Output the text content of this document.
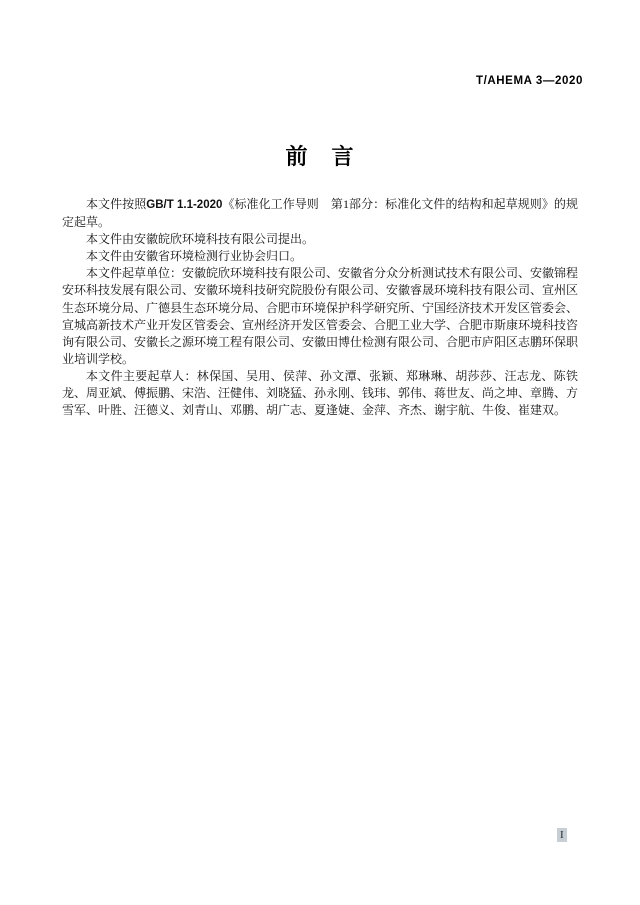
T/AHEMA 3—2020
前　言

本文件按照GB/T 1.1-2020《标准化工作导则　第1部分：标准化文件的结构和起草规则》的规定起草。

本文件由安徽皖欣环境科技有限公司提出。

本文件由安徽省环境检测行业协会归口。

本文件起草单位：安徽皖欣环境科技有限公司、安徽省分众分析测试技术有限公司、安徽锦程安环科技发展有限公司、安徽环境科技研究院股份有限公司、安徽睿晟环境科技有限公司、宣州区生态环境分局、广德县生态环境分局、合肥市环境保护科学研究所、宁国经济技术开发区管委会、宣城高新技术产业开发区管委会、宣州经济开发区管委会、合肥工业大学、合肥市斯康环境科技咨询有限公司、安徽长之源环境工程有限公司、安徽田博仕检测有限公司、合肥市庐阳区志鹏环保职业培训学校。

本文件主要起草人：林保国、吴用、侯萍、孙文潭、张颖、郑琳琳、胡莎莎、汪志龙、陈铁龙、周亚斌、傅振鹏、宋浩、汪健伟、刘晓猛、孙永刚、钱玮、郭伟、蒋世友、尚之坤、章腾、方雪军、叶胜、汪德义、刘青山、邓鹏、胡广志、夏逢婕、金萍、齐杰、谢宇航、牛俊、崔建双。

I
